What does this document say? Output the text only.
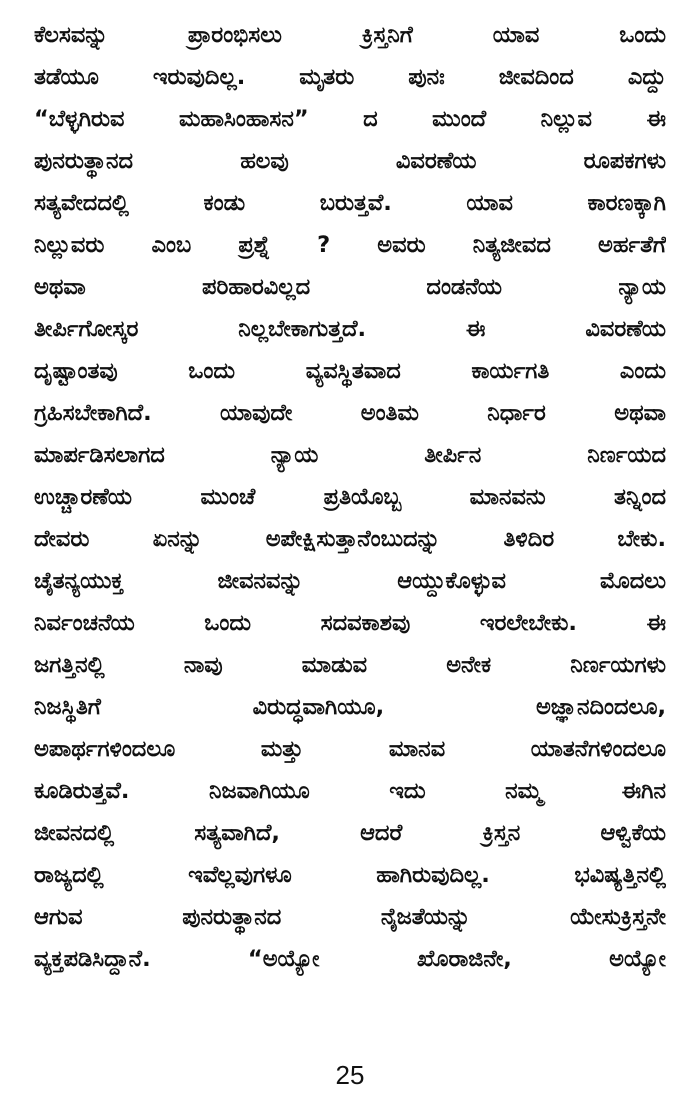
ಕೆಲಸವನ್ನು ಪ್ರಾರಂಭಿಸಲು ಕ್ರಿಸ್ತನಿಗೆ ಯಾವ ಒಂದು
ತಡೆಯೂ ಇರುವುದಿಲ್ಲ. ಮೃತರು ಪುನಃ ಜೀವದಿಂದ ಎದ್ದು
“ಬೆಳ್ಳಗಿರುವ ಮಹಾಸಿಂಹಾಸನ” ದ ಮುಂದೆ ನಿಲ್ಲುವ ಈ
ಪುನರುತ್ಥಾನದ ಹಲವು ವಿವರಣೆಯ ರೂಪಕಗಳು
ಸತ್ಯವೇದದಲ್ಲಿ ಕಂಡು ಬರುತ್ತವೆ. ಯಾವ ಕಾರಣಕ್ಕಾಗಿ
ನಿಲ್ಲುವರು ಎಂಬ ಪ್ರಶ್ನೆ ? ಅವರು ನಿತ್ಯಜೀವದ ಅರ್ಹತೆಗೆ
ಅಥವಾ ಪರಿಹಾರವಿಲ್ಲದ ದಂಡನೆಯ ನ್ಯಾಯ
ತೀರ್ಪಿಗೋಸ್ಕರ ನಿಲ್ಲಬೇಕಾಗುತ್ತದೆ. ಈ ವಿವರಣೆಯ
ದೃಷ್ಟಾಂತವು ಒಂದು ವ್ಯವಸ್ಥಿತವಾದ ಕಾರ್ಯಗತಿ ಎಂದು
ಗ್ರಹಿಸಬೇಕಾಗಿದೆ. ಯಾವುದೇ ಅಂತಿಮ ನಿರ್ಧಾರ ಅಥವಾ
ಮಾರ್ಪಡಿಸಲಾಗದ ನ್ಯಾಯ ತೀರ್ಪಿನ ನಿರ್ಣಯದ
ಉಚ್ಚಾರಣೆಯ ಮುಂಚೆ ಪ್ರತಿಯೊಬ್ಬ ಮಾನವನು ತನ್ನಿಂದ
ದೇವರು ಏನನ್ನು ಅಪೇಕ್ಷಿಸುತ್ತಾನೆಂಬುದನ್ನು ತಿಳಿದಿರ ಬೇಕು.
ಚೈತನ್ಯಯುಕ್ತ ಜೀವನವನ್ನು ಆಯ್ದುಕೊಳ್ಳುವ ಮೊದಲು
ನಿರ್ವಂಚನೆಯ ಒಂದು ಸದವಕಾಶವು ಇರಲೇಬೇಕು. ಈ
ಜಗತ್ತಿನಲ್ಲಿ ನಾವು ಮಾಡುವ ಅನೇಕ ನಿರ್ಣಯಗಳು
ನಿಜಸ್ಥಿತಿಗೆ ವಿರುದ್ಧವಾಗಿಯೂ, ಅಜ್ಞಾನದಿಂದಲೂ,
ಅಪಾರ್ಥಗಳಿಂದಲೂ ಮತ್ತು ಮಾನವ ಯಾತನೆಗಳಿಂದಲೂ
ಕೂಡಿರುತ್ತವೆ. ನಿಜವಾಗಿಯೂ ಇದು ನಮ್ಮ ಈಗಿನ
ಜೀವನದಲ್ಲಿ ಸತ್ಯವಾಗಿದೆ, ಆದರೆ ಕ್ರಿಸ್ತನ ಆಳ್ವಿಕೆಯ
ರಾಜ್ಯದಲ್ಲಿ ಇವೆಲ್ಲವುಗಳೂ ಹಾಗಿರುವುದಿಲ್ಲ. ಭವಿಷ್ಯತ್ತಿನಲ್ಲಿ
ಆಗುವ ಪುನರುತ್ಥಾನದ ನೈಜತೆಯನ್ನು ಯೇಸುಕ್ರಿಸ್ತನೇ
ವ್ಯಕ್ತಪಡಿಸಿದ್ದಾನೆ. “ಅಯ್ಯೋ ಖೊರಾಜಿನೇ, ಅಯ್ಯೋ
25
